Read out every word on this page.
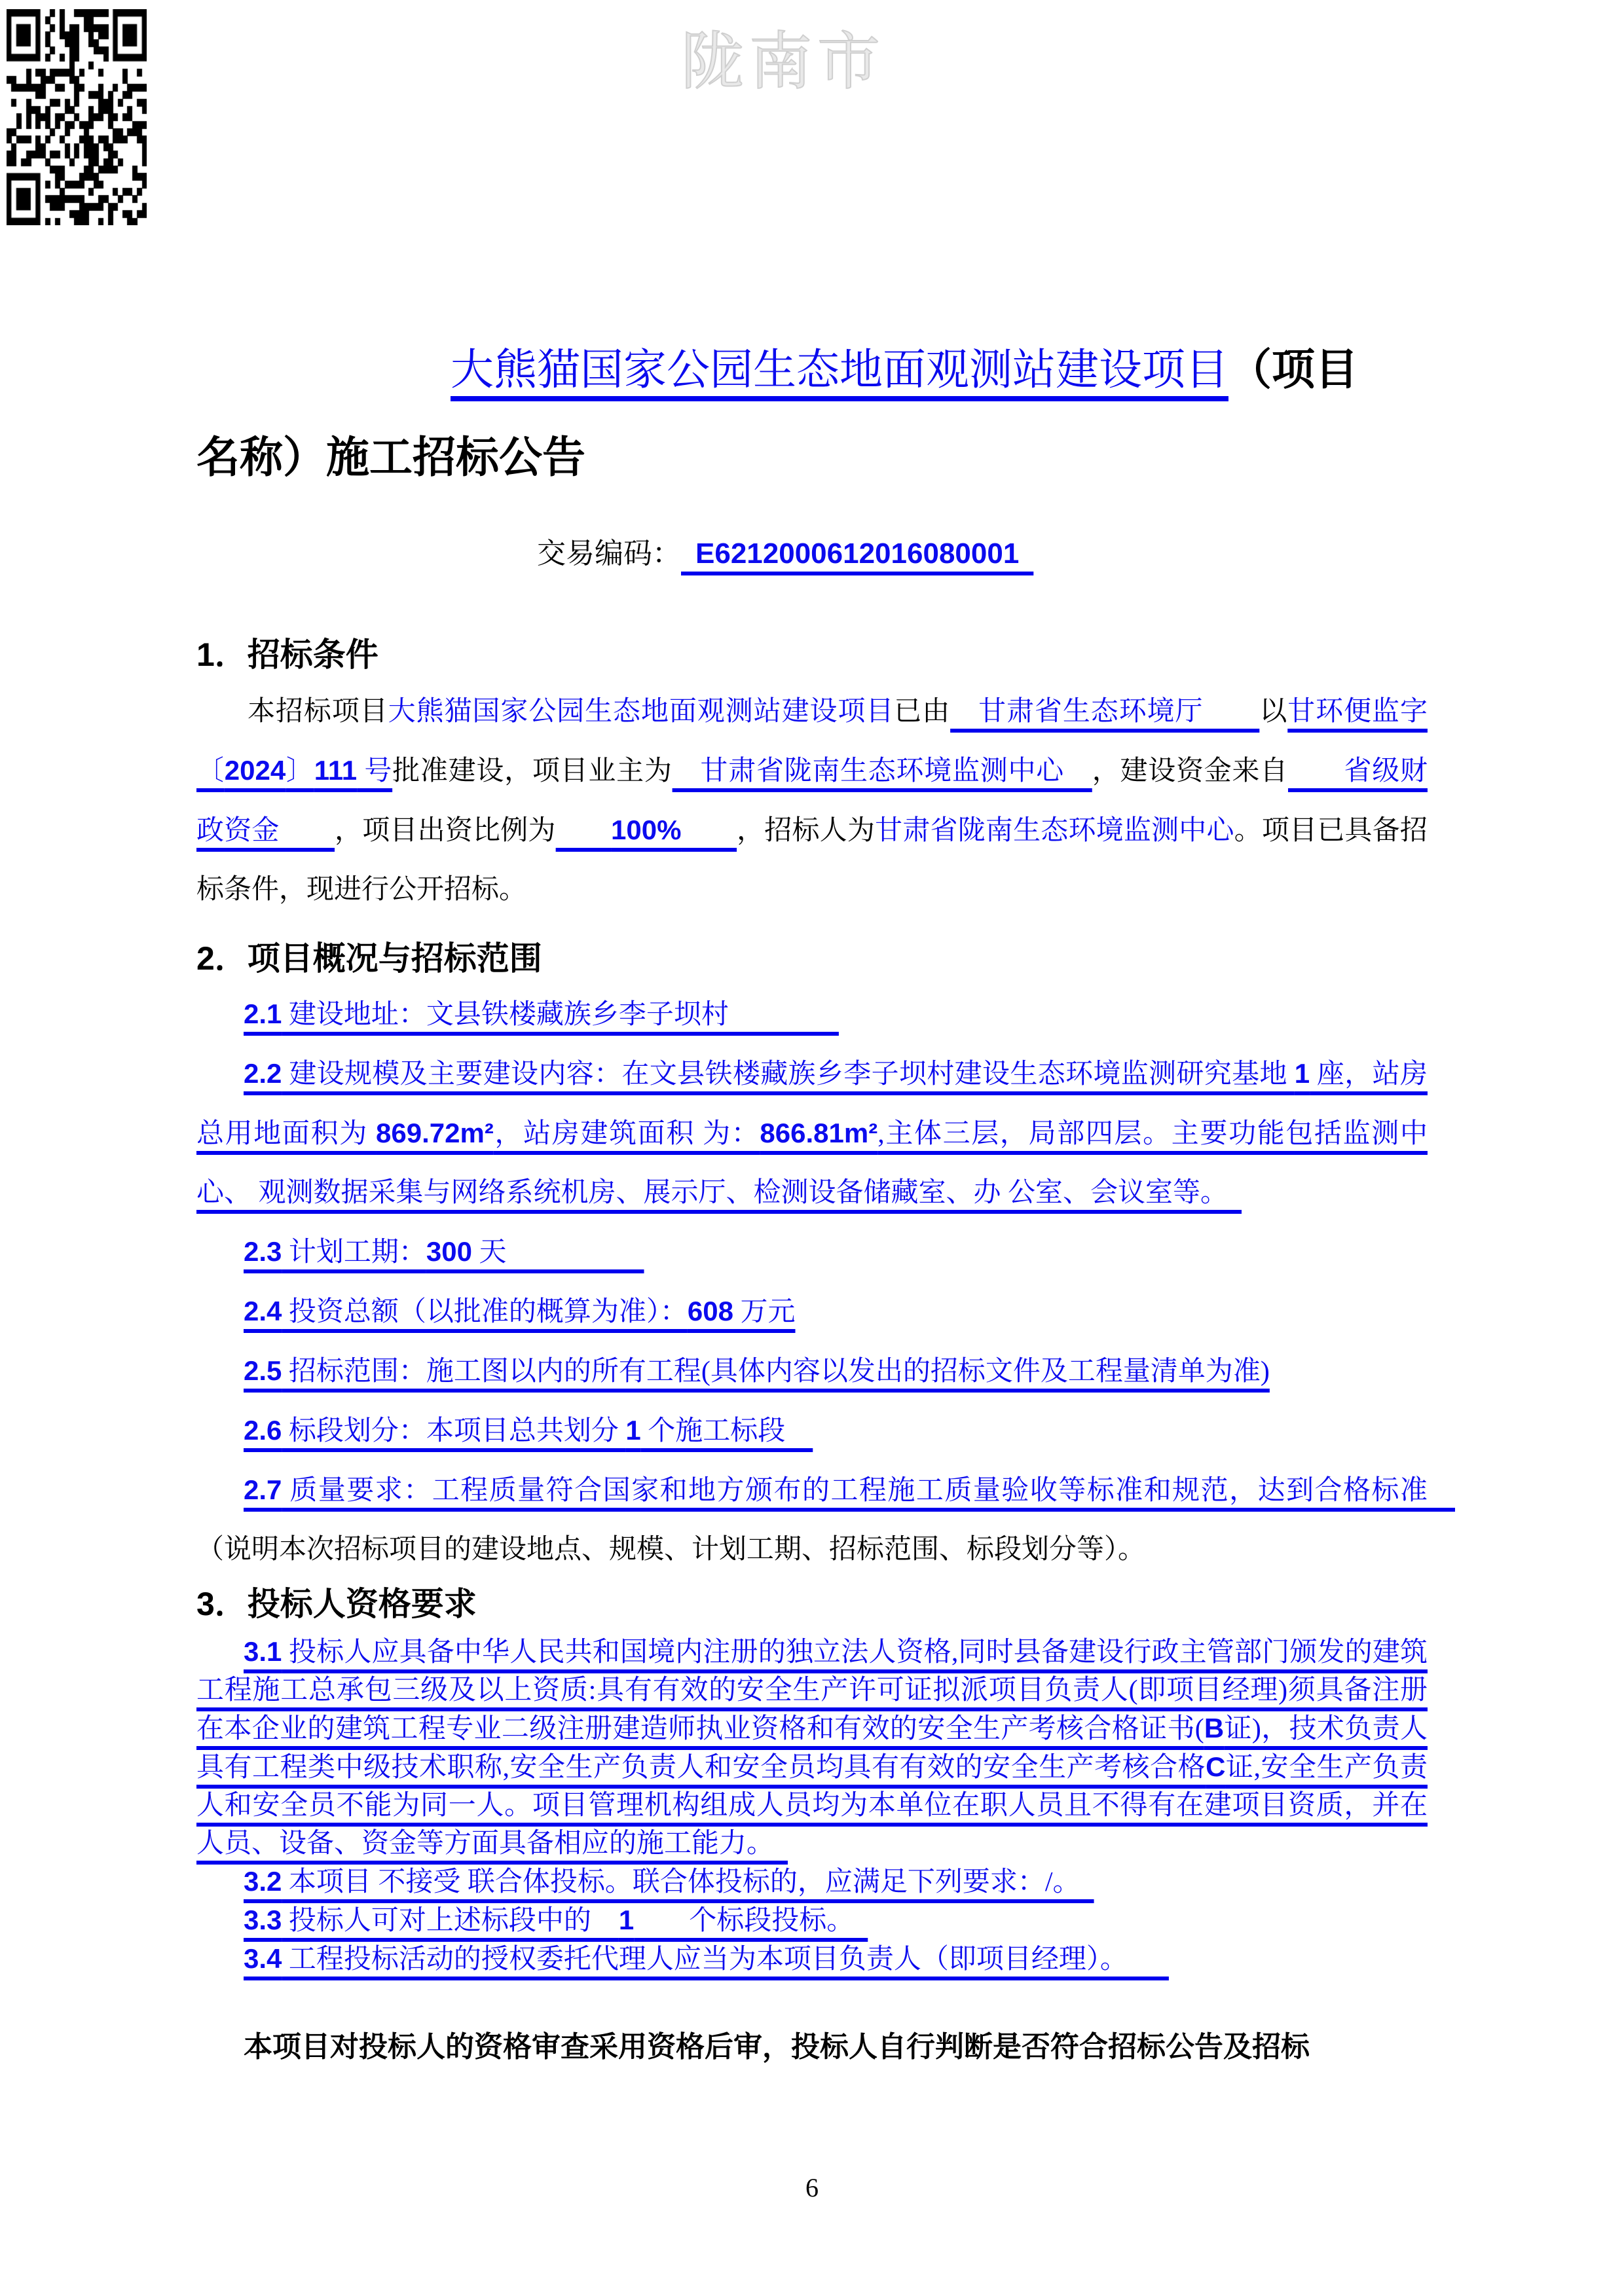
陇南市
大熊猫国家公园生态地面观测站建设项目（项目
名称）施工招标公告
交易编码： E6212000612016080001 

1．招标条件

本招标项目大熊猫国家公园生态地面观测站建设项目已由　甘肃省生态环境厅　　以甘环便监字〔2024〕111 号批准建设，项目业主为　甘肃省陇南生态环境监测中心　，建设资金来自　　省级财政资金　　，项目出资比例为　　 100%　　 ，招标人为甘肃省陇南生态环境监测中心。项目已具备招标条件，现进行公开招标。

2．项目概况与招标范围

2.1 建设地址：文县铁楼藏族乡李子坝村　　　　

2.2 建设规模及主要建设内容：在文县铁楼藏族乡李子坝村建设生态环境监测研究基地 1 座，站房总用地面积为 869.72m²，站房建筑面积 为：866.81m²,主体三层，局部四层。主要功能包括监测中心、 观测数据采集与网络系统机房、展示厅、检测设备储藏室、办 公室、会议室等。　

2.3 计划工期：300 天　　　　　

2.4 投资总额（以批准的概算为准）：608 万元

2.5 招标范围：施工图以内的所有工程(具体内容以发出的招标文件及工程量清单为准)

2.6 标段划分：本项目总共划分 1 个施工标段　

2.7 质量要求：工程质量符合国家和地方颁布的工程施工质量验收等标准和规范，达到合格标准　（说明本次招标项目的建设地点、规模、计划工期、招标范围、标段划分等）。

3．投标人资格要求

3.1 投标人应具备中华人民共和国境内注册的独立法人资格,同时县备建设行政主管部门颁发的建筑工程施工总承包三级及以上资质:具有有效的安全生产许可证拟派项目负责人(即项目经理)须具备注册在本企业的建筑工程专业二级注册建造师执业资格和有效的安全生产考核合格证书(B证)，技术负责人具有工程类中级技术职称,安全生产负责人和安全员均具有有效的安全生产考核合格C证,安全生产负责人和安全员不能为同一人。项目管理机构组成人员均为本单位在职人员且不得有在建项目资质，并在人员、设备、资金等方面具备相应的施工能力。　

3.2 本项目 不接受 联合体投标。联合体投标的，应满足下列要求：/。　

3.3 投标人可对上述标段中的　1　　个标段投标。　

3.4 工程投标活动的授权委托代理人应当为本项目负责人（即项目经理）。　　

本项目对投标人的资格审查采用资格后审，投标人自行判断是否符合招标公告及招标

6
